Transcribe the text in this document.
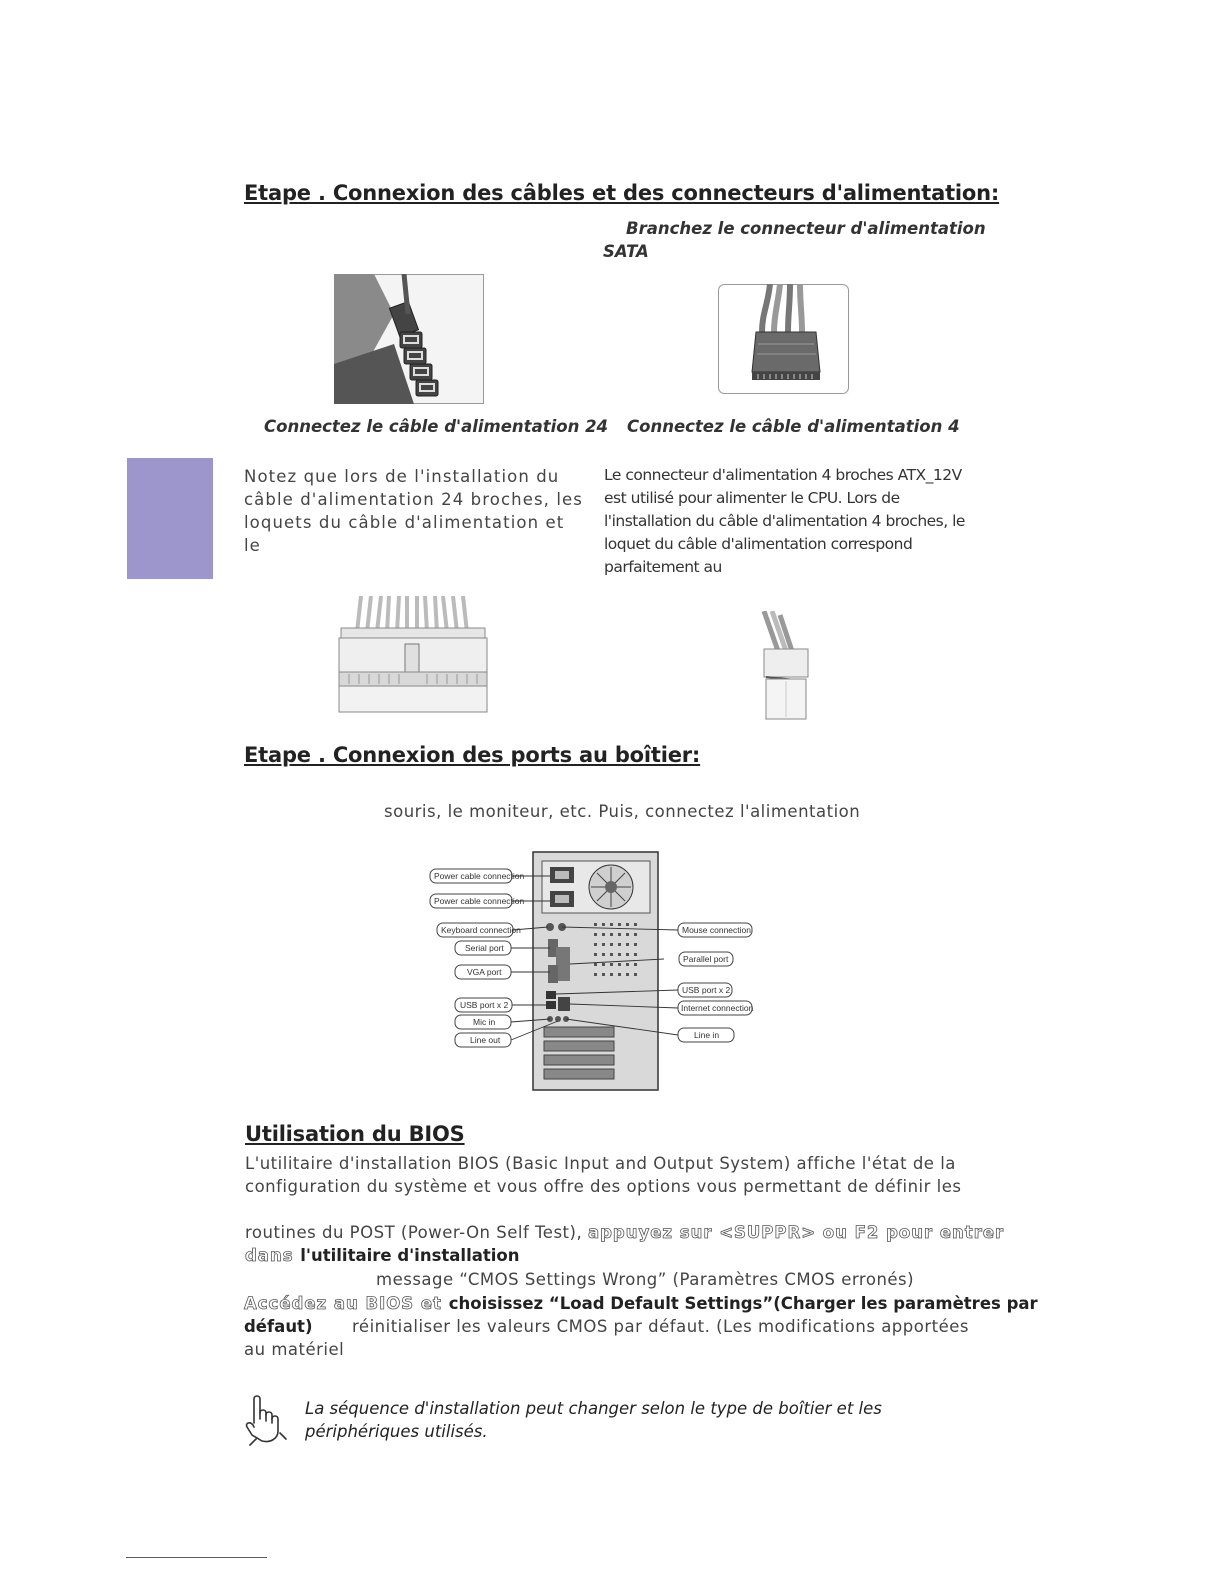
Etape . Connexion des câbles et des connecteurs d'alimentation:
Branchez le connecteur d'alimentation
SATA
Connectez le câble d'alimentation 24 Connectez le câble d'alimentation 4
Notez que lors de l'installation du
câble d'alimentation 24 broches, les
loquets du câble d'alimentation et le
Le connecteur d'alimentation 4 broches ATX_12V
est utilisé pour alimenter le CPU. Lors de
l'installation du câble d'alimentation 4 broches, le
loquet du câble d'alimentation correspond
parfaitement au
Etape . Connexion des ports au boîtier:
souris, le moniteur, etc. Puis, connectez l'alimentation
Power cable connection
Power cable connection
Keyboard connection
Serial port
VGA port
USB port x 2
Mic in
Line out
Mouse connection
Parallel port
USB port x 2
Internet connection
Line in
Utilisation du BIOS
L'utilitaire d'installation BIOS (Basic Input and Output System) affiche l'état de la
configuration du système et vous offre des options vous permettant de définir les
routines du POST (Power-On Self Test), appuyez sur <SUPPR> ou F2 pour entrer
dans l'utilitaire d'installation
message “CMOS Settings Wrong” (Paramètres CMOS erronés)
Accédez au BIOS et choisissez “Load Default Settings”(Charger les paramètres par
défaut) réinitialiser les valeurs CMOS par défaut. (Les modifications apportées
au matériel
La séquence d'installation peut changer selon le type de boîtier et les
périphériques utilisés.
